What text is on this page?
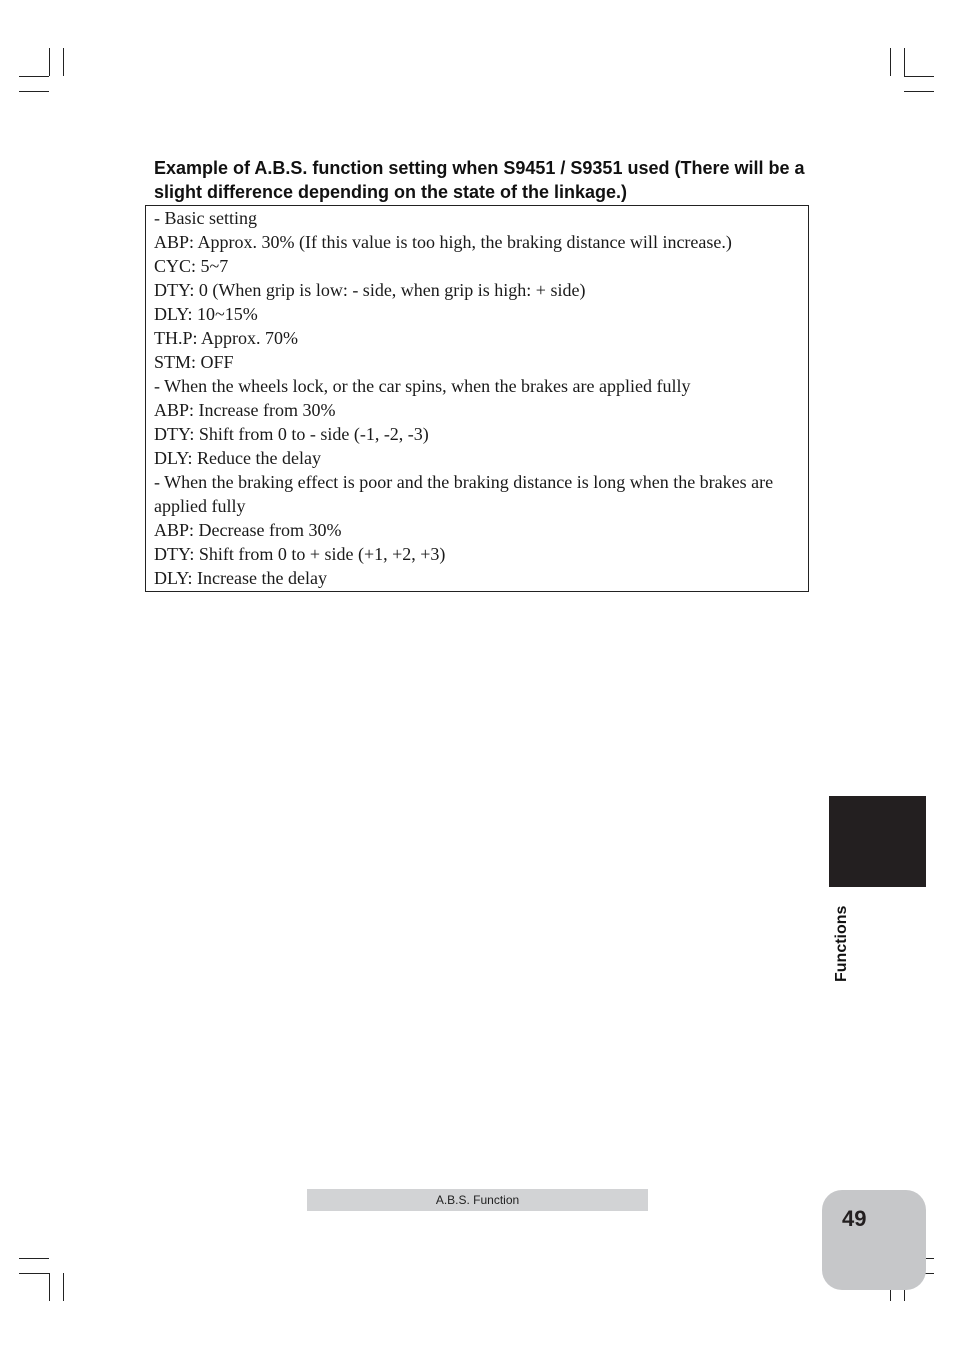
Example of A.B.S. function setting when S9451 / S9351 used (There will be a slight difference depending on the state of the linkage.)
- Basic setting
ABP: Approx. 30% (If this value is too high, the braking distance will increase.)
CYC: 5~7
DTY: 0 (When grip is low: - side, when grip is high: + side)
DLY: 10~15%
TH.P: Approx. 70%
STM: OFF
- When the wheels lock, or the car spins, when the brakes are applied fully
ABP: Increase from 30%
DTY: Shift from 0 to - side (-1, -2, -3)
DLY: Reduce the delay
- When the braking effect is poor and the braking distance is long when the brakes are applied fully
ABP: Decrease from 30%
DTY: Shift from 0 to + side (+1, +2, +3)
DLY: Increase the delay
Functions
A.B.S. Function
49
